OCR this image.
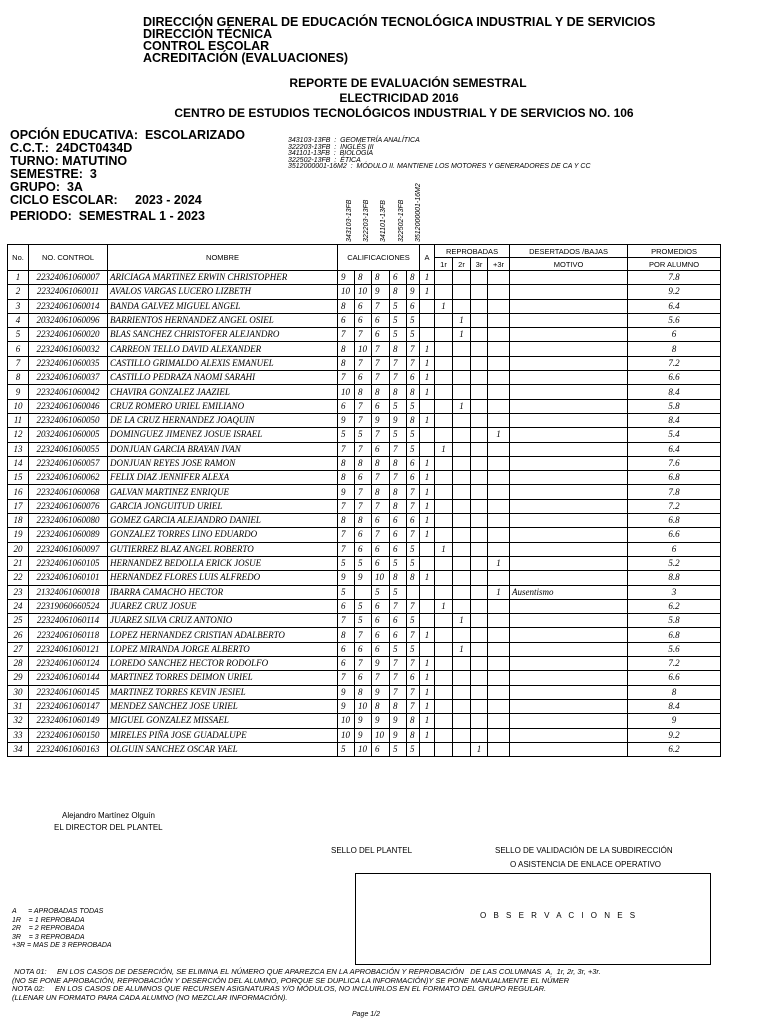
DIRECCIÓN GENERAL DE EDUCACIÓN TECNOLÓGICA INDUSTRIAL Y DE SERVICIOS
DIRECCIÓN TÉCNICA
CONTROL ESCOLAR
ACREDITACIÓN (EVALUACIONES)
REPORTE DE EVALUACIÓN SEMESTRAL
ELECTRICIDAD 2016
CENTRO DE ESTUDIOS TECNOLÓGICOS INDUSTRIAL Y DE SERVICIOS NO. 106
OPCIÓN EDUCATIVA:  ESCOLARIZADO
C.C.T.:  24DCT0434D
TURNO: MATUTINO
SEMESTRE:  3
GRUPO:  3A
CICLO ESCOLAR:     2023 - 2024
PERIODO:  SEMESTRAL 1 - 2023
343103-13FB  :  GEOMETRÍA ANALÍTICA
322203-13FB  :  INGLÉS III
341101-13FB  :  BIOLOGÍA
322502-13FB  :  ÉTICA
3512000001-16M2  :  MÓDULO II. MANTIENE LOS MOTORES Y GENERADORES DE CA Y CC
343103-13FB 322203-13FB 341101-13FB 322502-13FB 3512000001-16M2
No.	NO. CONTROL	NOMBRE	CALIFICACIONES					A	REPROBADAS				DESERTADOS /BAJAS	PROMEDIOS
									1r	2r	3r	+3r	MOTIVO	POR ALUMNO
1	22324061060007	ARICIAGA MARTINEZ ERWIN CHRISTOPHER	9	8	8	6	8	1						7.8
2	22324061060011	AVALOS VARGAS LUCERO LIZBETH	10	10	9	8	9	1						9.2
3	22324061060014	BANDA GALVEZ MIGUEL ANGEL	8	6	7	5	6		1					6.4
4	20324061060096	BARRIENTOS HERNANDEZ ANGEL OSIEL	6	6	6	5	5			1				5.6
5	22324061060020	BLAS SANCHEZ CHRISTOFER ALEJANDRO	7	7	6	5	5			1				6
6	22324061060032	CARREON TELLO DAVID ALEXANDER	8	10	7	8	7	1						8
7	22324061060035	CASTILLO GRIMALDO ALEXIS EMANUEL	8	7	7	7	7	1						7.2
8	22324061060037	CASTILLO PEDRAZA NAOMI SARAHI	7	6	7	7	6	1						6.6
9	22324061060042	CHAVIRA GONZALEZ JAAZIEL	10	8	8	8	8	1						8.4
10	22324061060046	CRUZ ROMERO URIEL EMILIANO	6	7	6	5	5			1				5.8
11	22324061060050	DE LA CRUZ HERNANDEZ JOAQUIN	9	7	9	9	8	1						8.4
12	20324061060005	DOMINGUEZ JIMENEZ JOSUE ISRAEL	5	5	7	5	5					1		5.4
13	22324061060055	DONJUAN GARCIA BRAYAN IVAN	7	7	6	7	5		1					6.4
14	22324061060057	DONJUAN REYES JOSE RAMON	8	8	8	8	6	1						7.6
15	22324061060062	FELIX DIAZ JENNIFER ALEXA	8	6	7	7	6	1						6.8
16	22324061060068	GALVAN MARTINEZ ENRIQUE	9	7	8	8	7	1						7.8
17	22324061060076	GARCIA JONGUITUD URIEL	7	7	7	8	7	1						7.2
18	22324061060080	GOMEZ GARCIA ALEJANDRO DANIEL	8	8	6	6	6	1						6.8
19	22324061060089	GONZALEZ TORRES LINO EDUARDO	7	6	7	6	7	1						6.6
20	22324061060097	GUTIERREZ BLAZ ANGEL ROBERTO	7	6	6	6	5		1					6
21	22324061060105	HERNANDEZ BEDOLLA ERICK JOSUE	5	5	6	5	5					1		5.2
22	22324061060101	HERNANDEZ FLORES LUIS ALFREDO	9	9	10	8	8	1						8.8
23	21324061060018	IBARRA CAMACHO HECTOR	5		5	5						1	Ausentismo	3
24	22319060660524	JUAREZ CRUZ JOSUE	6	5	6	7	7		1					6.2
25	22324061060114	JUAREZ SILVA CRUZ ANTONIO	7	5	6	6	5			1				5.8
26	22324061060118	LOPEZ HERNANDEZ CRISTIAN ADALBERTO	8	7	6	6	7	1						6.8
27	22324061060121	LOPEZ MIRANDA JORGE ALBERTO	6	6	6	5	5			1				5.6
28	22324061060124	LOREDO SANCHEZ HECTOR RODOLFO	6	7	9	7	7	1						7.2
29	22324061060144	MARTINEZ TORRES DEIMON URIEL	7	6	7	7	6	1						6.6
30	22324061060145	MARTINEZ TORRES KEVIN JESIEL	9	8	9	7	7	1						8
31	22324061060147	MENDEZ SANCHEZ JOSE URIEL	9	10	8	8	7	1						8.4
32	22324061060149	MIGUEL GONZALEZ MISSAEL	10	9	9	9	8	1						9
33	22324061060150	MIRELES PIÑA JOSE GUADALUPE	10	9	10	9	8	1						9.2
34	22324061060163	OLGUIN SANCHEZ OSCAR YAEL	5	10	6	5	5				1			6.2
Alejandro Martínez Olguín
EL DIRECTOR DEL PLANTEL
SELLO DEL PLANTEL	SELLO DE VALIDACIÓN DE LA SUBDIRECCIÓN
O ASISTENCIA DE ENLACE OPERATIVO
O B S E R V A C I O N E S
A      = APROBADAS TODAS
1R    = 1 REPROBADA
2R    = 2 REPROBADA
3R    = 3 REPROBADA
+3R = MAS DE 3 REPROBADA
NOTA 01:     EN LOS CASOS DE DESERCIÓN, SE ELIMINA EL NÚMERO QUE APAREZCA EN LA APROBACIÓN Y REPROBACIÓN   DE LAS COLUMNAS  A,  1r, 2r, 3r, +3r.
(NO SE PONE APROBACIÓN, REPROBACIÓN Y DESERCIÓN DEL ALUMNO, PORQUE SE DUPLICA LA INFORMACIÓN)Y SE PONE MANUALMENTE EL NÚMER
NOTA 02:     EN LOS CASOS DE ALUMNOS QUE RECURSEN ASIGNATURAS Y/O MÓDULOS, NO INCLUIRLOS EN EL FORMATO DEL GRUPO REGULAR.
(LLENAR UN FORMATO PARA CADA ALUMNO (NO MEZCLAR INFORMACIÓN).
Page 1/2
